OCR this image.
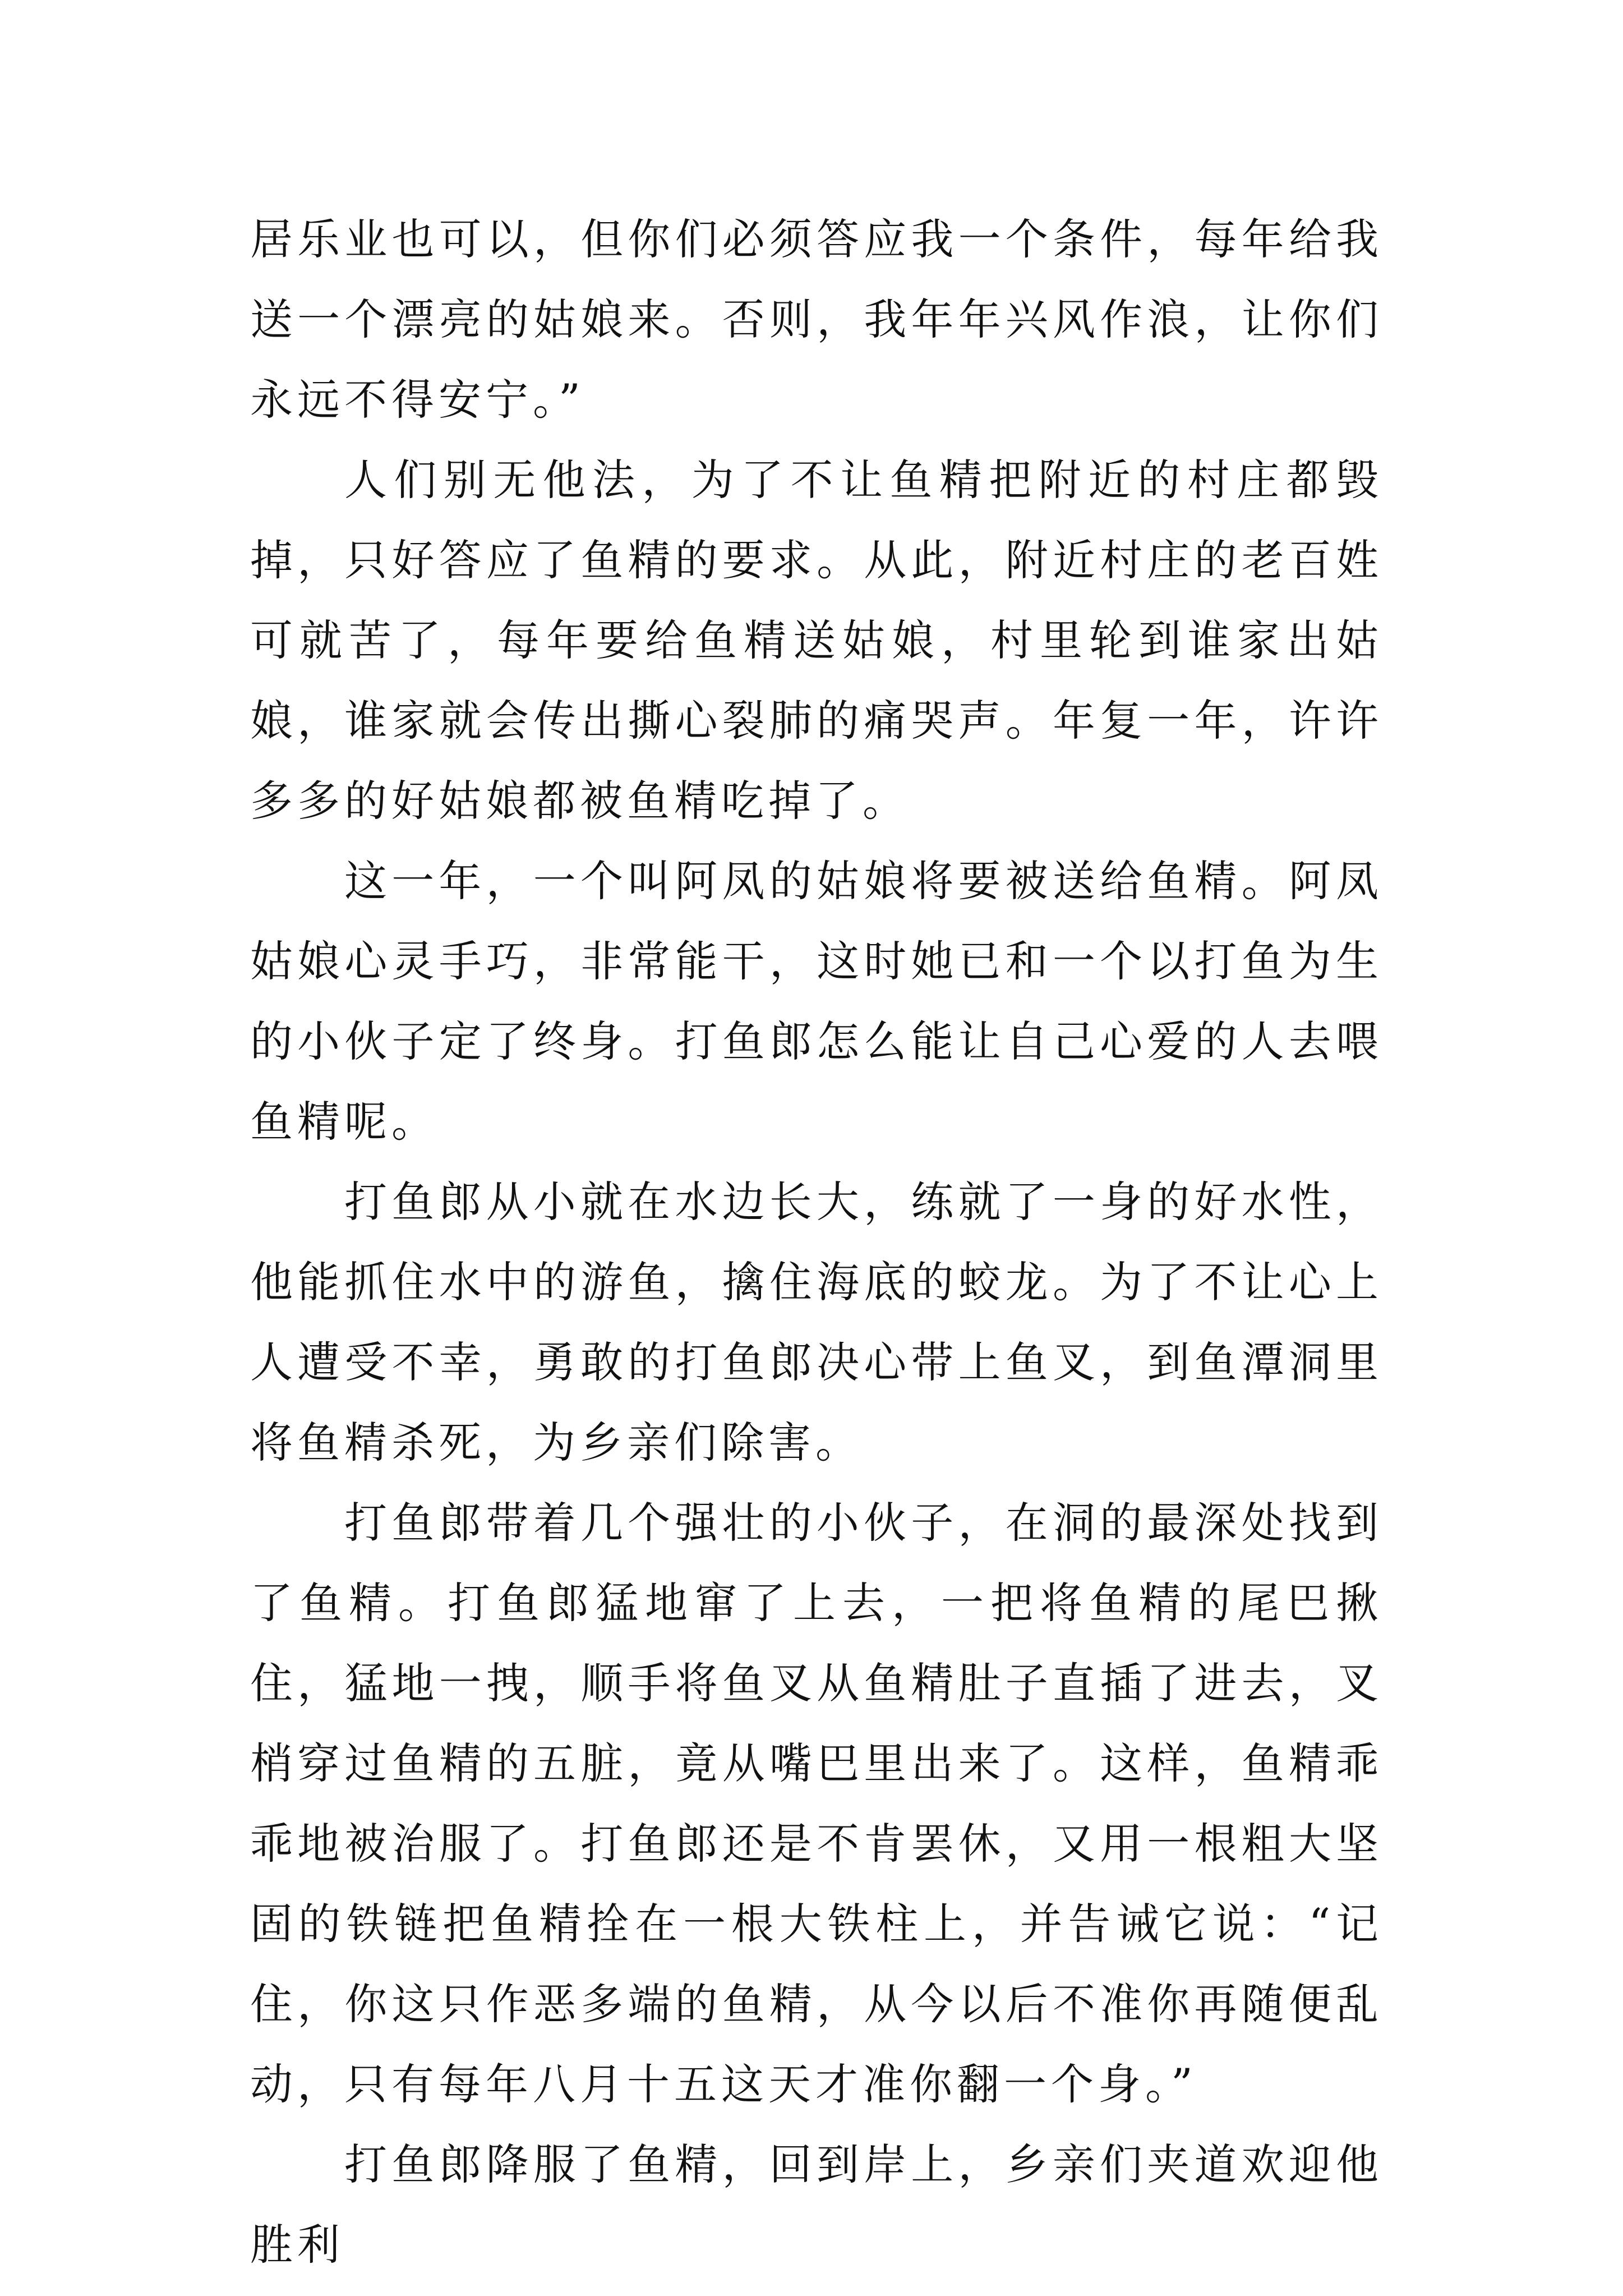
居乐业也可以，但你们必须答应我一个条件，每年给我送一个漂亮的姑娘来。否则，我年年兴风作浪，让你们永远不得安宁。”

人们别无他法，为了不让鱼精把附近的村庄都毁掉，只好答应了鱼精的要求。从此，附近村庄的老百姓可就苦了，每年要给鱼精送姑娘，村里轮到谁家出姑娘，谁家就会传出撕心裂肺的痛哭声。年复一年，许许多多的好姑娘都被鱼精吃掉了。

这一年，一个叫阿凤的姑娘将要被送给鱼精。阿凤姑娘心灵手巧，非常能干，这时她已和一个以打鱼为生的小伙子定了终身。打鱼郎怎么能让自己心爱的人去喂鱼精呢。

打鱼郎从小就在水边长大，练就了一身的好水性，他能抓住水中的游鱼，擒住海底的蛟龙。为了不让心上人遭受不幸，勇敢的打鱼郎决心带上鱼叉，到鱼潭洞里将鱼精杀死，为乡亲们除害。

打鱼郎带着几个强壮的小伙子，在洞的最深处找到了鱼精。打鱼郎猛地窜了上去，一把将鱼精的尾巴揪住，猛地一拽，顺手将鱼叉从鱼精肚子直插了进去，叉梢穿过鱼精的五脏，竟从嘴巴里出来了。这样，鱼精乖乖地被治服了。打鱼郎还是不肯罢休，又用一根粗大坚固的铁链把鱼精拴在一根大铁柱上，并告诫它说：“记住，你这只作恶多端的鱼精，从今以后不准你再随便乱动，只有每年八月十五这天才准你翻一个身。”

打鱼郎降服了鱼精，回到岸上，乡亲们夹道欢迎他胜利
